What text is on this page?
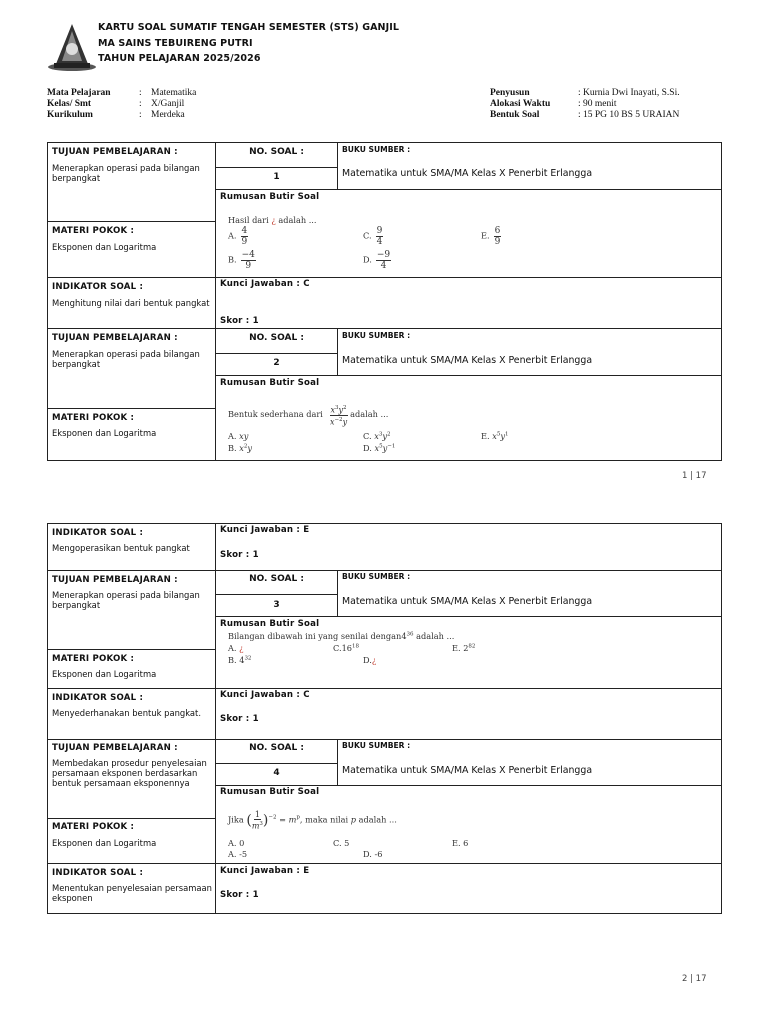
KARTU SOAL SUMATIF TENGAH SEMESTER (STS) GANJIL
MA SAINS TEBUIRENG PUTRI
TAHUN PELAJARAN 2025/2026
Mata Pelajaran	: Matematika
Kelas/ Smt	: X/Ganjil
Kurikulum	: Merdeka
Penyusun	: Kurnia Dwi Inayati, S.Si.
Alokasi Waktu	: 90 menit
Bentuk Soal	: 15 PG 10 BS 5 URAIAN
TUJUAN PEMBELAJARAN :
Menerapkan operasi pada bilangan berpangkat
NO. SOAL :
1
BUKU SUMBER :
Matematika untuk SMA/MA Kelas X Penerbit Erlangga
Rumusan Butir Soal
Hasil dari ¿ adalah ...
A. $\frac{4}{9}$
B. $\frac{-4}{9}$
C. $\frac{9}{4}$
D. $\frac{-9}{4}$
E. $\frac{6}{9}$
MATERI POKOK :
Eksponen dan Logaritma
INDIKATOR SOAL :
Menghitung nilai dari bentuk pangkat
Kunci Jawaban : C
Skor : 1
TUJUAN PEMBELAJARAN :
Menerapkan operasi pada bilangan berpangkat
NO. SOAL :
2
BUKU SUMBER :
Matematika untuk SMA/MA Kelas X Penerbit Erlangga
Rumusan Butir Soal
Bentuk sederhana dari $\frac{x^3y^2}{x^{-2}y}$ adalah ...
A. xy
B. $x^2y$
C. $x^3y^2$
D. $x^5y^{-1}$
E. $x^5y^1$
MATERI POKOK :
Eksponen dan Logaritma
1 | 17
INDIKATOR SOAL :
Mengoperasikan bentuk pangkat
Kunci Jawaban : E
Skor : 1
TUJUAN PEMBELAJARAN :
Menerapkan operasi pada bilangan berpangkat
NO. SOAL :
3
BUKU SUMBER :
Matematika untuk SMA/MA Kelas X Penerbit Erlangga
Rumusan Butir Soal
Bilangan dibawah ini yang senilai $dengan4^{36}$ adalah ...
A. ¿
B. $4^{32}$
$C.16^{18}$
D.¿
E. $2^{82}$
MATERI POKOK :
Eksponen dan Logaritma
INDIKATOR SOAL :
Menyederhanakan bentuk pangkat.
Kunci Jawaban : C
Skor : 1
TUJUAN PEMBELAJARAN :
Membedakan prosedur penyelesaian persamaan eksponen berdasarkan bentuk persamaan eksponennya
NO. SOAL :
4
BUKU SUMBER :
Matematika untuk SMA/MA Kelas X Penerbit Erlangga
Rumusan Butir Soal
Jika ( $\frac{1}{m^3} )^{-2} = m^p$, maka nilai p adalah ...
A. 0
A. -5
C. 5
D. -6
E. 6
MATERI POKOK :
Eksponen dan Logaritma
INDIKATOR SOAL :
Menentukan penyelesaian persamaan eksponen
Kunci Jawaban : E
Skor : 1
2 | 17
